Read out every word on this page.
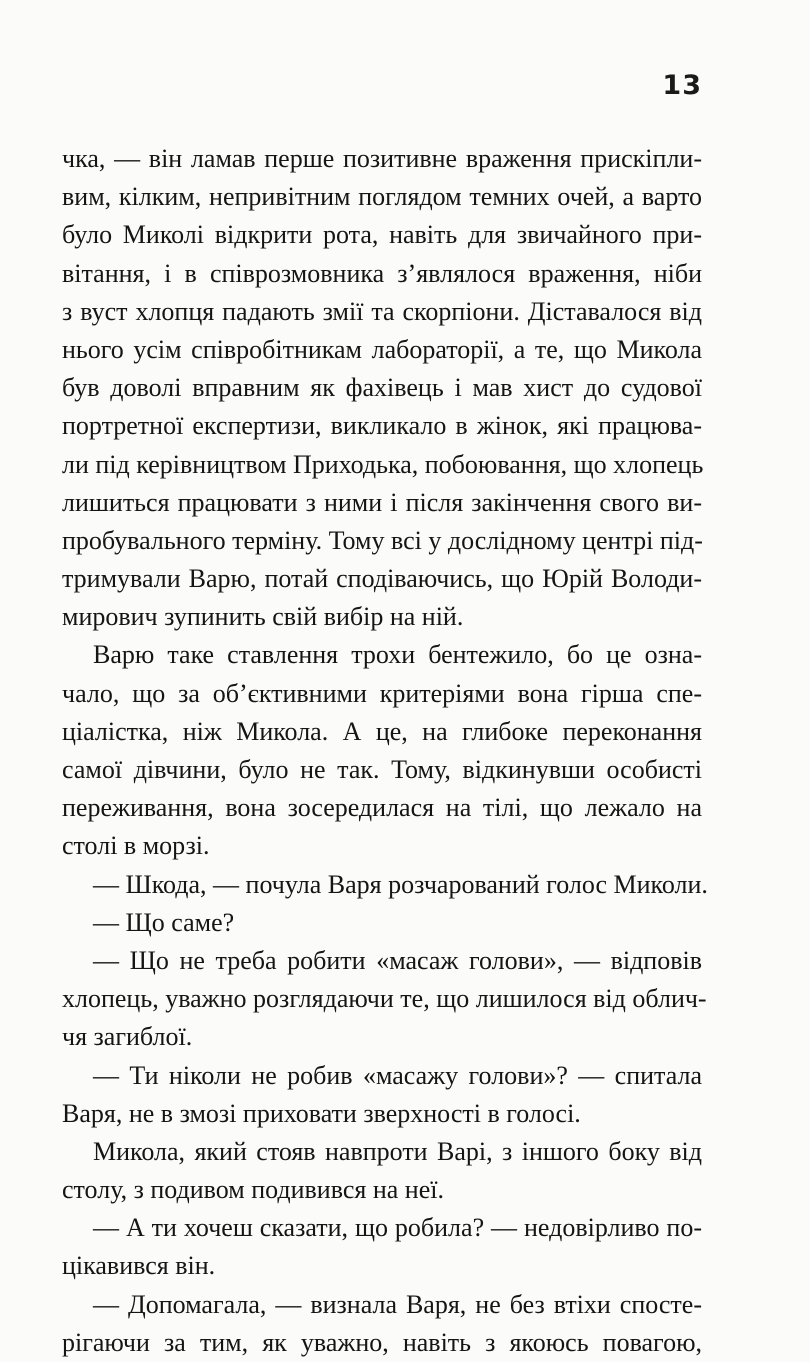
13
чка, — він ламав перше позитивне враження прискіпли-
вим, кілким, непривітним поглядом темних очей, а варто
було Миколі відкрити рота, навіть для звичайного при-
вітання, і в співрозмовника з’являлося враження, ніби
з вуст хлопця падають змії та скорпіони. Діставалося від
нього усім співробітникам лабораторії, а те, що Микола
був доволі вправним як фахівець і мав хист до судової
портретної експертизи, викликало в жінок, які працюва-
ли під керівництвом Приходька, побоювання, що хлопець
лишиться працювати з ними і після закінчення свого ви-
пробувального терміну. Тому всі у дослідному центрі під-
тримували Варю, потай сподіваючись, що Юрій Володи-
мирович зупинить свій вибір на ній.
Варю таке ставлення трохи бентежило, бо це озна-
чало, що за об’єктивними критеріями вона гірша спе-
ціалістка, ніж Микола. А це, на глибоке переконання
самої дівчини, було не так. Тому, відкинувши особисті
переживання, вона зосередилася на тілі, що лежало на
столі в морзі.
— Шкода, — почула Варя розчарований голос Миколи.
— Що саме?
— Що не треба робити «масаж голови», — відповів
хлопець, уважно розглядаючи те, що лишилося від облич-
чя загиблої.
— Ти ніколи не робив «масажу голови»? — спитала
Варя, не в змозі приховати зверхності в голосі.
Микола, який стояв навпроти Варі, з іншого боку від
столу, з подивом подивився на неї.
— А ти хочеш сказати, що робила? — недовірливо по-
цікавився він.
— Допомагала, — визнала Варя, не без втіхи спосте-
рігаючи за тим, як уважно, навіть з якоюсь повагою,
